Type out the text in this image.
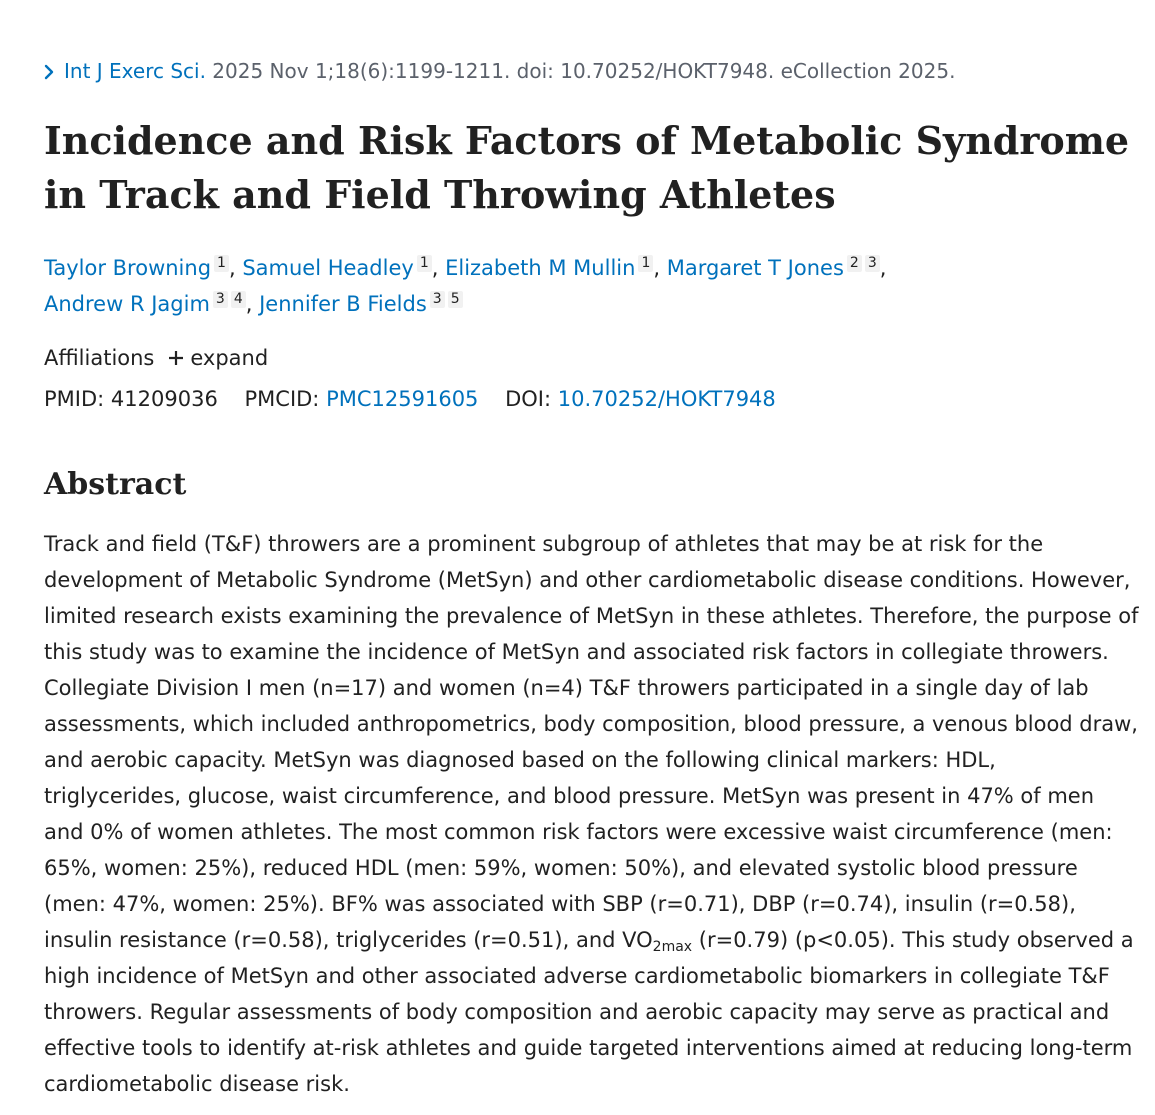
Int J Exerc Sci. 2025 Nov 1;18(6):1199-1211. doi: 10.70252/HOKT7948. eCollection 2025.
Incidence and Risk Factors of Metabolic Syndrome in Track and Field Throwing Athletes
Taylor Browning 1 , Samuel Headley 1 , Elizabeth M Mullin 1 , Margaret T Jones 2 3 ,
Andrew R Jagim 3 4 , Jennifer B Fields 3 5
Affiliations expand
PMID: 41209036 PMCID: PMC12591605 DOI: 10.70252/HOKT7948
Abstract
Track and field (T&F) throwers are a prominent subgroup of athletes that may be at risk for the development of Metabolic Syndrome (MetSyn) and other cardiometabolic disease conditions. However, limited research exists examining the prevalence of MetSyn in these athletes. Therefore, the purpose of this study was to examine the incidence of MetSyn and associated risk factors in collegiate throwers. Collegiate Division I men (n=17) and women (n=4) T&F throwers participated in a single day of lab assessments, which included anthropometrics, body composition, blood pressure, a venous blood draw, and aerobic capacity. MetSyn was diagnosed based on the following clinical markers: HDL, triglycerides, glucose, waist circumference, and blood pressure. MetSyn was present in 47% of men and 0% of women athletes. The most common risk factors were excessive waist circumference (men: 65%, women: 25%), reduced HDL (men: 59%, women: 50%), and elevated systolic blood pressure (men: 47%, women: 25%). BF% was associated with SBP (r=0.71), DBP (r=0.74), insulin (r=0.58), insulin resistance (r=0.58), triglycerides (r=0.51), and $VO_{2max}$ (r=0.79) (p<0.05). This study observed a high incidence of MetSyn and other associated adverse cardiometabolic biomarkers in collegiate T&F throwers. Regular assessments of body composition and aerobic capacity may serve as practical and effective tools to identify at-risk athletes and guide targeted interventions aimed at reducing long-term cardiometabolic disease risk.
